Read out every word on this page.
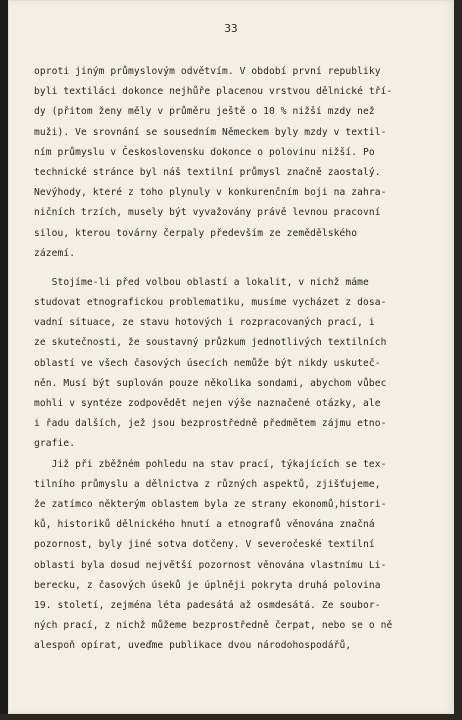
33
oproti jiným průmyslovým odvětvím. V období první republiky
byli textiláci dokonce nejhůře placenou vrstvou dělnické tří-
dy (přitom ženy měly v průměru ještě o 10 % nižší mzdy než
muži). Ve srovnání se sousedním Německem byly mzdy v textil-
ním průmyslu v Československu dokonce o polovinu nižší. Po
technické stránce byl náš textilní průmysl značně zaostalý.
Nevýhody, které z toho plynuly v konkurenčním boji na zahra-
ničních trzích, musely být vyvažovány právě levnou pracovní
silou, kterou továrny čerpaly především ze zemědělského
zázemí.
Stojíme-li před volbou oblastí a lokalit, v nichž máme
studovat etnografickou problematiku, musíme vycházet z dosa-
vadní situace, ze stavu hotových i rozpracovaných prací, i
ze skutečnosti, že soustavný průzkum jednotlivých textilních
oblastí ve všech časových úsecích nemůže být nikdy uskuteč-
něn. Musí být suplován pouze několika sondami, abychom vůbec
mohli v syntéze zodpovědět nejen výše naznačené otázky, ale
i řadu dalších, jež jsou bezprostředně předmětem zájmu etno-
grafie.
Již při zběžném pohledu na stav prací, týkajících se tex-
tilního průmyslu a dělnictva z různých aspektů, zjišťujeme,
že zatímco některým oblastem byla ze strany ekonomů,histori-
ků, historiků dělnického hnutí a etnografů věnována značná
pozornost, byly jiné sotva dotčeny. V severočeské textilní
oblasti byla dosud největší pozornost věnována vlastnímu Li-
berecku, z časových úseků je úplněji pokryta druhá polovina
19. století, zejména léta padesátá až osmdesátá. Ze soubor-
ných prací, z nichž můžeme bezprostředně čerpat, nebo se o ně
alespoň opírat, uveďme publikace dvou národohospodářů,
